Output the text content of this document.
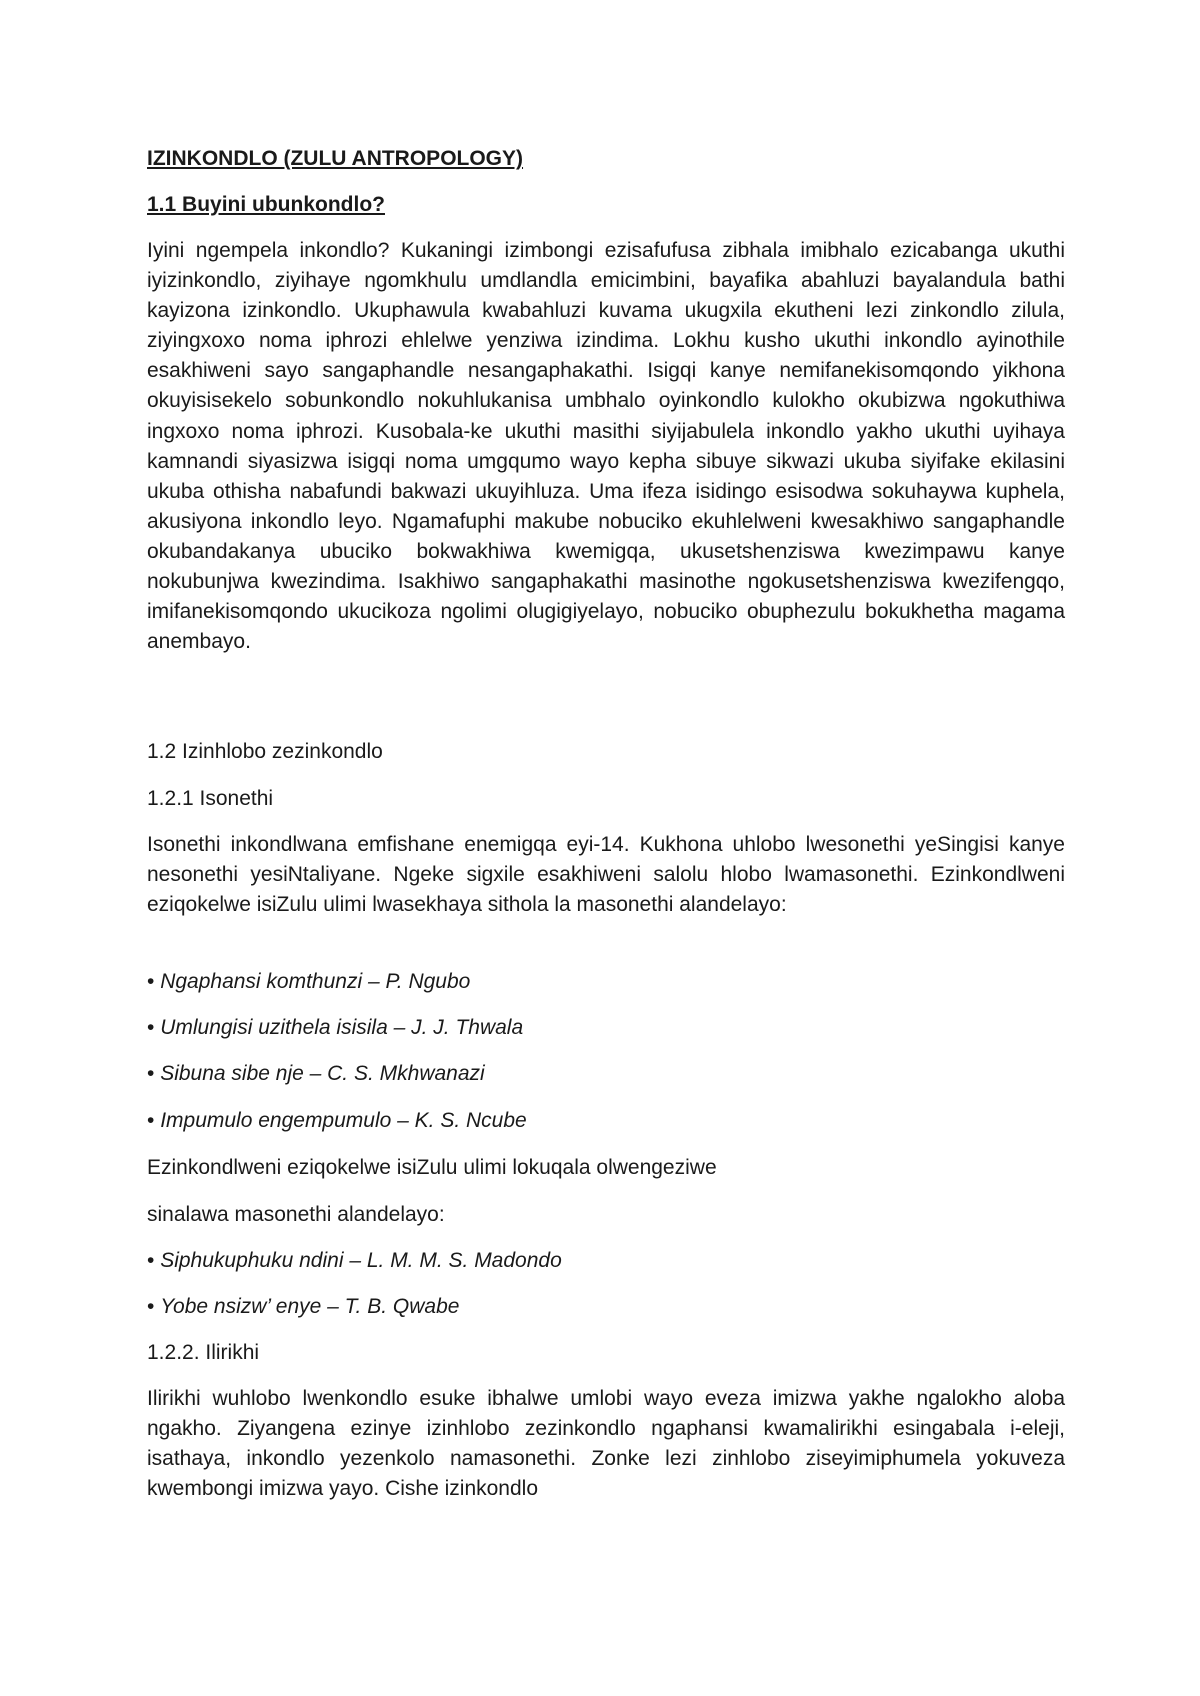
IZINKONDLO (ZULU ANTROPOLOGY)
1.1 Buyini ubunkondlo?

Iyini ngempela inkondlo? Kukaningi izimbongi ezisafufusa zibhala imibhalo ezicabanga ukuthi iyizinkondlo, ziyihaye ngomkhulu umdlandla emicimbini, bayafika abahluzi bayalandula bathi kayizona izinkondlo. Ukuphawula kwabahluzi kuvama ukugxila ekutheni lezi zinkondlo zilula, ziyingxoxo noma iphrozi ehlelwe yenziwa izindima. Lokhu kusho ukuthi inkondlo ayinothile esakhiweni sayo sangaphandle nesangaphakathi. Isigqi kanye nemifanekisomqondo yikhona okuyisisekelo sobunkondlo nokuhlukanisa umbhalo oyinkondlo kulokho okubizwa ngokuthiwa ingxoxo noma iphrozi. Kusobala-ke ukuthi masithi siyijabulela inkondlo yakho ukuthi uyihaya kamnandi siyasizwa isigqi noma umgqumo wayo kepha sibuye sikwazi ukuba siyifake ekilasini ukuba othisha nabafundi bakwazi ukuyihluza. Uma ifeza isidingo esisodwa sokuhaywa kuphela, akusiyona inkondlo leyo. Ngamafuphi makube nobuciko ekuhlelweni kwesakhiwo sangaphandle okubandakanya ubuciko bokwakhiwa kwemigqa, ukusetshenziswa kwezimpawu kanye nokubunjwa kwezindima. Isakhiwo sangaphakathi masinothe ngokusetshenziswa kwezifengqo, imifanekisomqondo ukucikoza ngolimi olugigiyelayo, nobuciko obuphezulu bokukhetha magama anembayo.

1.2 Izinhlobo zezinkondlo
1.2.1 Isonethi

Isonethi inkondlwana emfishane enemigqa eyi-14. Kukhona uhlobo lwesonethi yeSingisi kanye nesonethi yesiNtaliyane. Ngeke sigxile esakhiweni salolu hlobo lwamasonethi. Ezinkondlweni eziqokelwe isiZulu ulimi lwasekhaya sithola la masonethi alandelayo:

• Ngaphansi komthunzi – P. Ngubo
• Umlungisi uzithela isisila – J. J. Thwala
• Sibuna sibe nje – C. S. Mkhwanazi
• Impumulo engempumulo – K. S. Ncube
Ezinkondlweni eziqokelwe isiZulu ulimi lokuqala olwengeziwe
sinalawa masonethi alandelayo:
• Siphukuphuku ndini – L. M. M. S. Madondo
• Yobe nsizw’ enye – T. B. Qwabe
1.2.2. Ilirikhi

Ilirikhi wuhlobo lwenkondlo esuke ibhalwe umlobi wayo eveza imizwa yakhe ngalokho aloba ngakho. Ziyangena ezinye izinhlobo zezinkondlo ngaphansi kwamalirikhi esingabala i-eleji, isathaya, inkondlo yezenkolo namasonethi. Zonke lezi zinhlobo ziseyimiphumela yokuveza kwembongi imizwa yayo. Cishe izinkondlo
